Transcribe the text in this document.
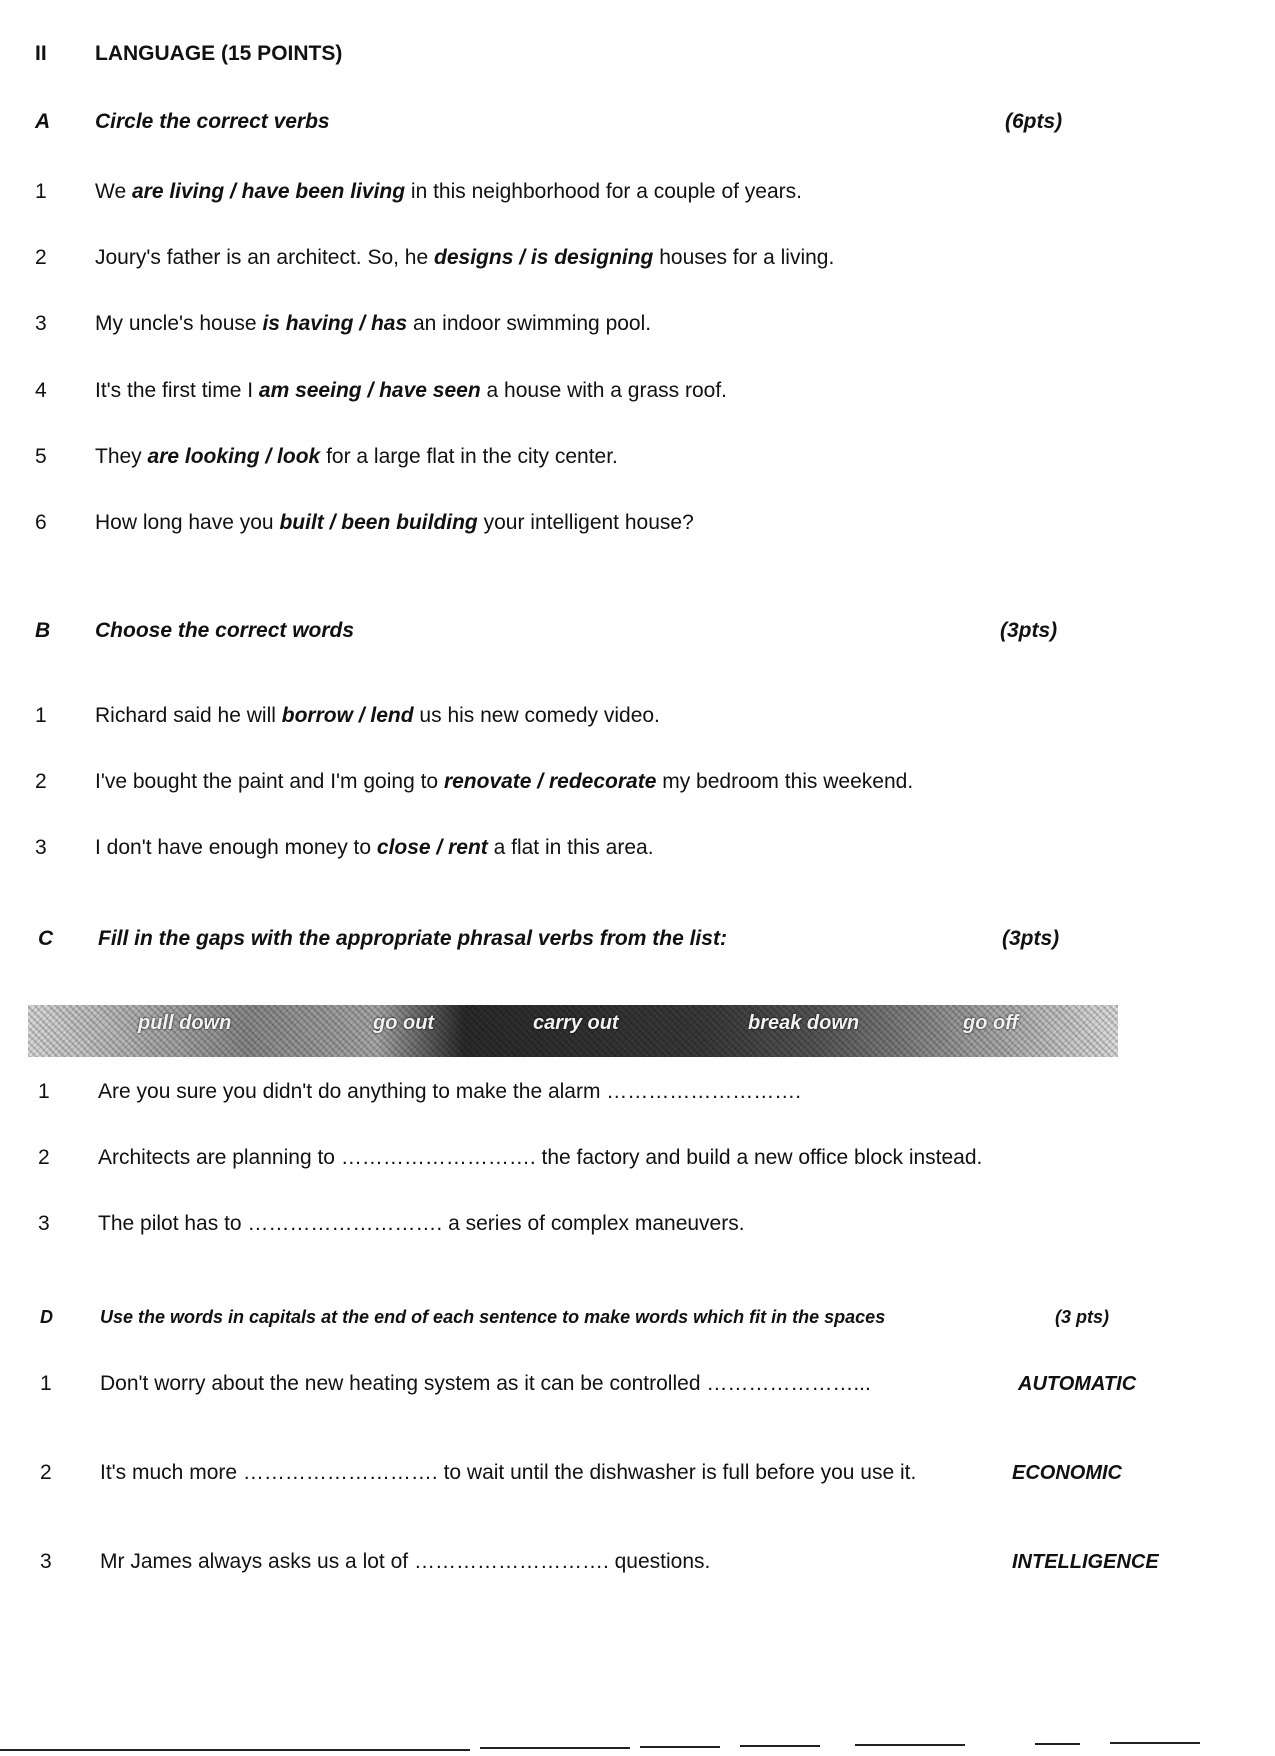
II LANGUAGE (15 POINTS)
A Circle the correct verbs	(6pts)
1	We are living / have been living in this neighborhood for a couple of years.
2	Joury's father is an architect. So, he designs / is designing houses for a living.
3	My uncle's house is having / has an indoor swimming pool.
4	It's the first time I am seeing / have seen a house with a grass roof.
5	They are looking / look for a large flat in the city center.
6	How long have you built / been building your intelligent house?
B Choose the correct words	(3pts)
1	Richard said he will borrow / lend us his new comedy video.
2	I've bought the paint and I'm going to renovate / redecorate my bedroom this weekend.
3	I don't have enough money to close / rent a flat in this area.
C Fill in the gaps with the appropriate phrasal verbs from the list:	(3pts)
pull down	go out	carry out	break down	go off
1	Are you sure you didn't do anything to make the alarm ……………………….
2	Architects are planning to ………………………. the factory and build a new office block instead.
3	The pilot has to ………………………. a series of complex maneuvers.
D	Use the words in capitals at the end of each sentence to make words which fit in the spaces	(3 pts)
1	Don't worry about the new heating system as it can be controlled …………………...	AUTOMATIC
2	It's much more ………………………. to wait until the dishwasher is full before you use it.	ECONOMIC
3	Mr James always asks us a lot of ………………………. questions.	INTELLIGENCE
